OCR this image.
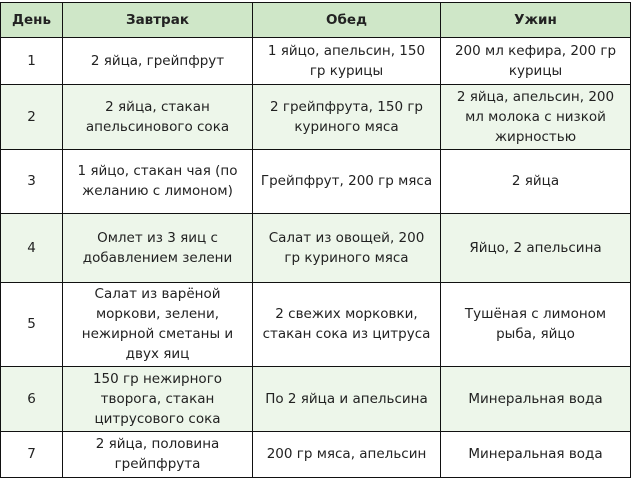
День	Завтрак	Обед	Ужин
1	2 яйца, грейпфрут	1 яйцо, апельсин, 150 гр курицы	200 мл кефира, 200 гр курицы
2	2 яйца, стакан апельсинового сока	2 грейпфрута, 150 гр куриного мяса	2 яйца, апельсин, 200 мл молока с низкой жирностью
3	1 яйцо, стакан чая (по желанию с лимоном)	Грейпфрут, 200 гр мяса	2 яйца
4	Омлет из 3 яиц с добавлением зелени	Салат из овощей, 200 гр куриного мяса	Яйцо, 2 апельсина
5	Салат из варёной моркови, зелени, нежирной сметаны и двух яиц	2 свежих морковки, стакан сока из цитруса	Тушёная с лимоном рыба, яйцо
6	150 гр нежирного творога, стакан цитрусового сока	По 2 яйца и апельсина	Минеральная вода
7	2 яйца, половина грейпфрута	200 гр мяса, апельсин	Минеральная вода
